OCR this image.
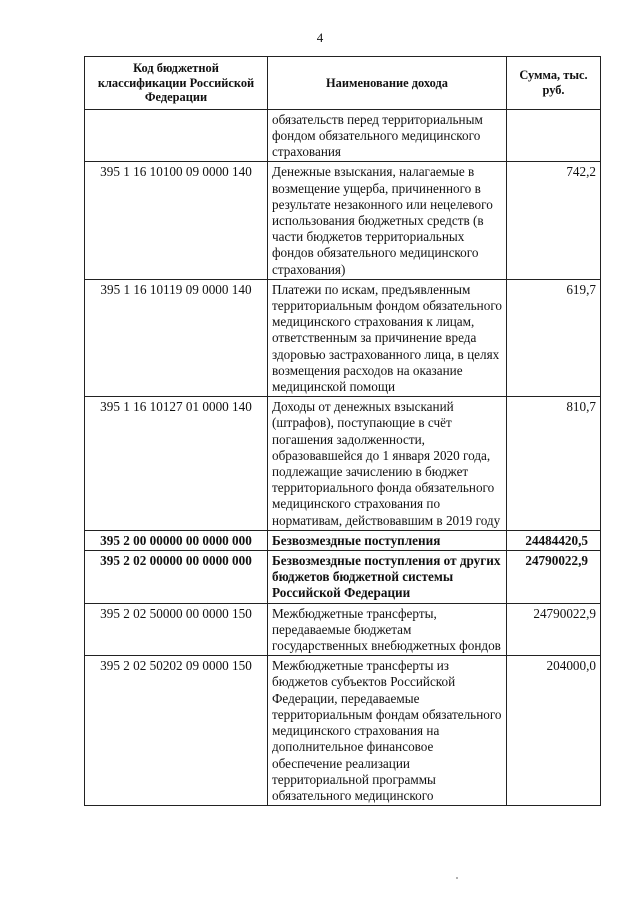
4
Код бюджетной классификации Российской Федерации	Наименование дохода	Сумма, тыс. руб.
	обязательств перед территориальным фондом обязательного медицинского страхования	
395 1 16 10100 09 0000 140	Денежные взыскания, налагаемые в возмещение ущерба, причиненного в результате незаконного или нецелевого использования бюджетных средств (в части бюджетов территориальных фондов обязательного медицинского страхования)	742,2
395 1 16 10119 09 0000 140	Платежи по искам, предъявленным территориальным фондом обязательного медицинского страхования к лицам, ответственным за причинение вреда здоровью застрахованного лица, в целях возмещения расходов на оказание медицинской помощи	619,7
395 1 16 10127 01 0000 140	Доходы от денежных взысканий (штрафов), поступающие в счёт погашения задолженности, образовавшейся до 1 января 2020 года, подлежащие зачислению в бюджет территориального фонда обязательного медицинского страхования по нормативам, действовавшим в 2019 году	810,7
395 2 00 00000 00 0000 000	Безвозмездные поступления	24484420,5
395 2 02 00000 00 0000 000	Безвозмездные поступления от других бюджетов бюджетной системы Российской Федерации	24790022,9
395 2 02 50000 00 0000 150	Межбюджетные трансферты, передаваемые бюджетам государственных внебюджетных фондов	24790022,9
395 2 02 50202 09 0000 150	Межбюджетные трансферты из бюджетов субъектов Российской Федерации, передаваемые территориальным фондам обязательного медицинского страхования на дополнительное финансовое обеспечение реализации территориальной программы обязательного медицинского	204000,0
